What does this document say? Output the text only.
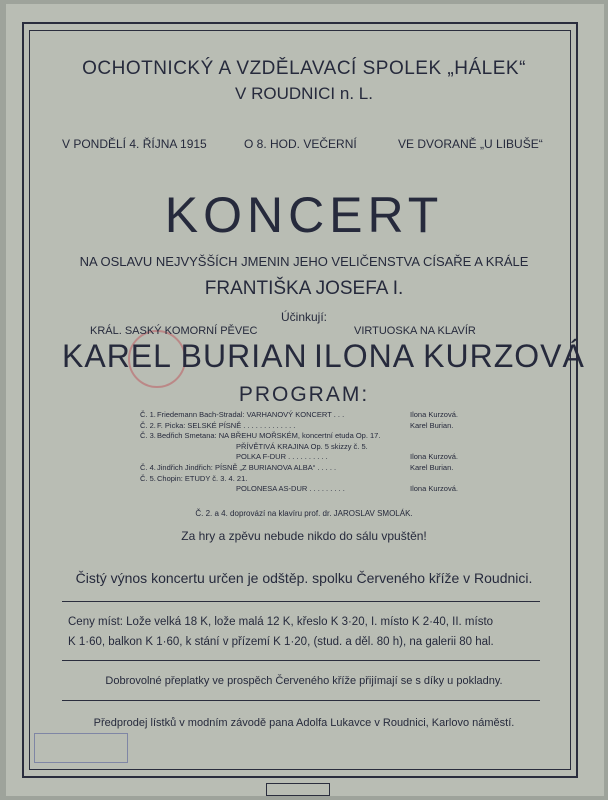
OCHOTNICKÝ A VZDĚLAVACÍ SPOLEK „HÁLEK“
V ROUDNICI n. L.
V PONDĚLÍ 4. ŘÍJNA 1915	O 8. HOD. VEČERNÍ	VE DVORANĚ „U LIBUŠE“
KONCERT
NA OSLAVU NEJVYŠŠÍCH JMENIN JEHO VELIČENSTVA CÍSAŘE A KRÁLE
FRANTIŠKA JOSEFA I.
Účinkují:
KRÁL. SASKÝ KOMORNÍ PĚVEC
KAREL BURIAN
VIRTUOSKA NA KLAVÍR
ILONA KURZOVÁ
PROGRAM:
Č. 1. Friedemann Bach-Stradal: VARHANOVÝ KONCERT . . .	Ilona Kurzová.
Č. 2. F. Picka: SELSKÉ PÍSNĚ . . . . . . . . . . . . .	Karel Burian.
Č. 3. Bedřich Smetana: NA BŘEHU MOŘSKÉM, koncertní etuda Op. 17.
PŘÍVĚTIVÁ KRAJINA Op. 5 skizzy č. 5.
POLKA F-DUR . . . . . . . . . .	Ilona Kurzová.
Č. 4. Jindřich Jindřich: PÍSNĚ „Z BURIANOVA ALBA“ . . . . .	Karel Burian.
Č. 5. Chopin: ETUDY č. 3. 4. 21.
POLONESA AS-DUR . . . . . . . . .	Ilona Kurzová.
Č. 2. a 4. doprovází na klavíru prof. dr. JAROSLAV SMOLÁK.
Za hry a zpěvu nebude nikdo do sálu vpuštěn!
Čistý výnos koncertu určen je odštěp. spolku Červeného kříže v Roudnici.
Ceny míst: Lože velká 18 K, lože malá 12 K, křeslo K 3·20, I. místo K 2·40, II. místo
K 1·60, balkon K 1·60, k stání v přízemí K 1·20, (stud. a děl. 80 h), na galerii 80 hal.
Dobrovolné přeplatky ve prospěch Červeného kříže přijímají se s díky u pokladny.
Předprodej lístků v modním závodě pana Adolfa Lukavce v Roudnici, Karlovo náměstí.
